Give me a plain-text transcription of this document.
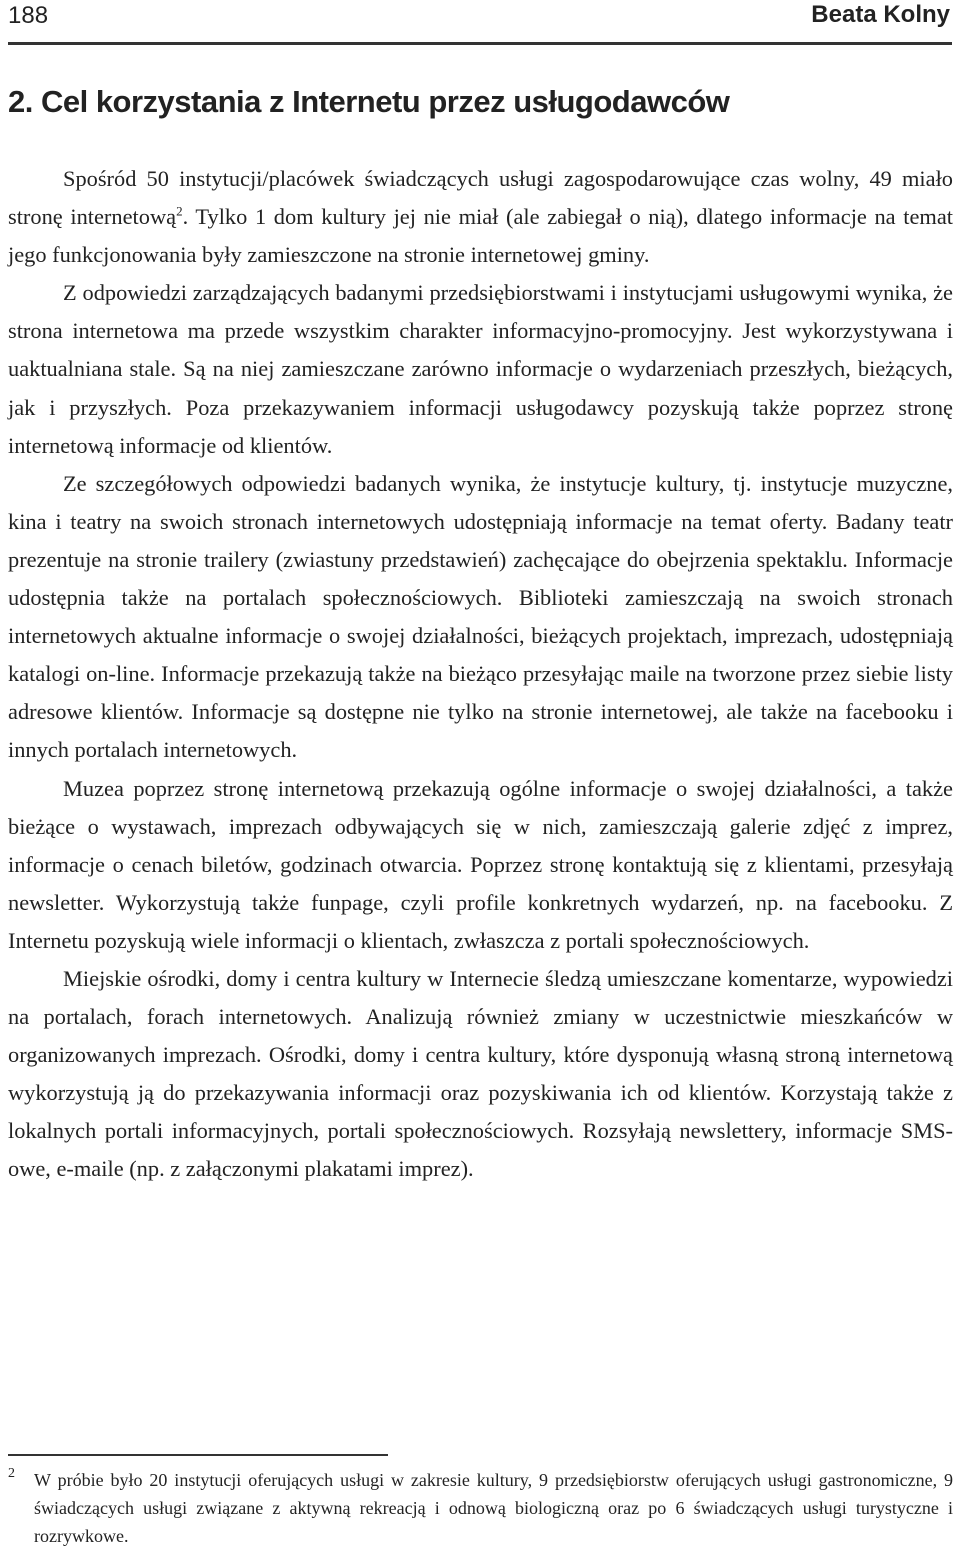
188	Beata Kolny
2. Cel korzystania z Internetu przez usługodawców

Spośród 50 instytucji/placówek świadczących usługi zagospodarowujące czas wolny, 49 miało stronę internetową$^2$. Tylko 1 dom kultury jej nie miał (ale zabiegał o nią), dlatego informacje na temat jego funkcjonowania były zamieszczone na stronie internetowej gminy.

Z odpowiedzi zarządzających badanymi przedsiębiorstwami i instytucjami usługowymi wynika, że strona internetowa ma przede wszystkim charakter informacyjno-promocyjny. Jest wykorzystywana i uaktualniana stale. Są na niej zamieszczane zarówno informacje o wydarzeniach przeszłych, bieżących, jak i przyszłych. Poza przekazywaniem informacji usługodawcy pozyskują także poprzez stronę internetową informacje od klientów.

Ze szczegółowych odpowiedzi badanych wynika, że instytucje kultury, tj. instytucje muzyczne, kina i teatry na swoich stronach internetowych udostępniają informacje na temat oferty. Badany teatr prezentuje na stronie trailery (zwiastuny przedstawień) zachęcające do obejrzenia spektaklu. Informacje udostępnia także na portalach społecznościowych. Biblioteki zamieszczają na swoich stronach internetowych aktualne informacje o swojej działalności, bieżących projektach, imprezach, udostępniają katalogi on-line. Informacje przekazują także na bieżąco przesyłając maile na tworzone przez siebie listy adresowe klientów. Informacje są dostępne nie tylko na stronie internetowej, ale także na facebooku i innych portalach internetowych.

Muzea poprzez stronę internetową przekazują ogólne informacje o swojej działalności, a także bieżące o wystawach, imprezach odbywających się w nich, zamieszczają galerie zdjęć z imprez, informacje o cenach biletów, godzinach otwarcia. Poprzez stronę kontaktują się z klientami, przesyłają newsletter. Wykorzystują także funpage, czyli profile konkretnych wydarzeń, np. na facebooku. Z Internetu pozyskują wiele informacji o klientach, zwłaszcza z portali społecznościowych.

Miejskie ośrodki, domy i centra kultury w Internecie śledzą umieszczane komentarze, wypowiedzi na portalach, forach internetowych. Analizują również zmiany w uczestnictwie mieszkańców w organizowanych imprezach. Ośrodki, domy i centra kultury, które dysponują własną stroną internetową wykorzystują ją do przekazywania informacji oraz pozyskiwania ich od klientów. Korzystają także z lokalnych portali informacyjnych, portali społecznościowych. Rozsyłają newslettery, informacje SMS-owe, e-maile (np. z załączonymi plakatami imprez).

2 W próbie było 20 instytucji oferujących usługi w zakresie kultury, 9 przedsiębiorstw oferujących usługi gastronomiczne, 9 świadczących usługi związane z aktywną rekreacją i odnową biologiczną oraz po 6 świadczących usługi turystyczne i rozrywkowe.
